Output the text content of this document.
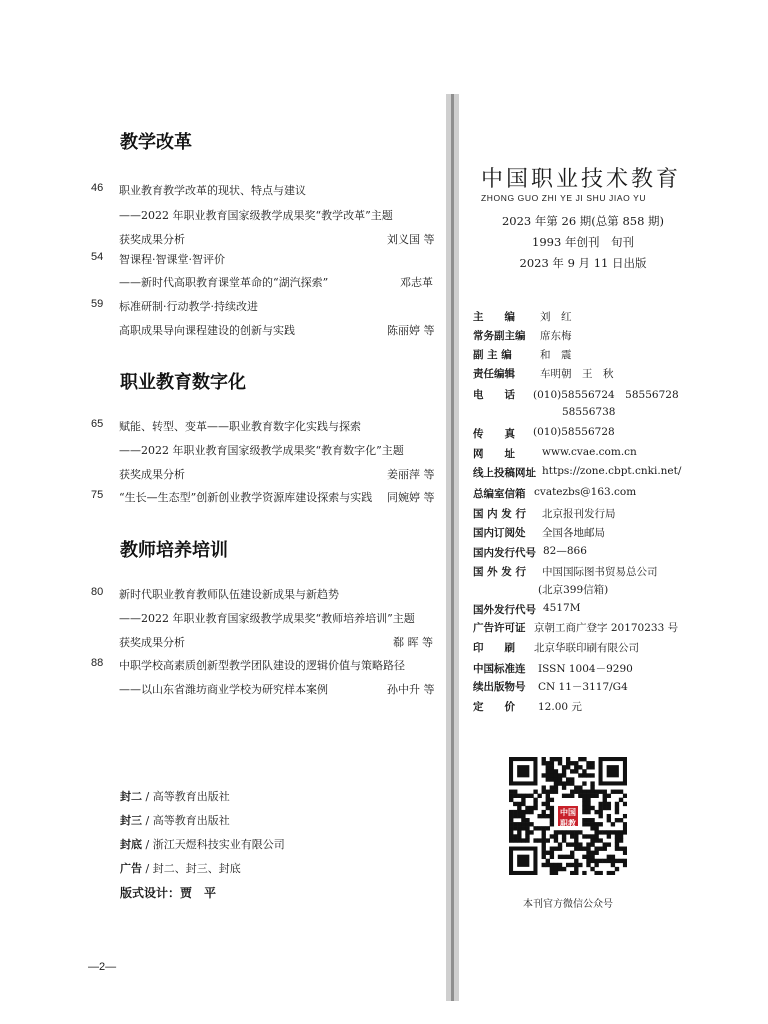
教学改革
46 职业教育教学改革的现状、特点与建议
——2022 年职业教育国家级教学成果奖“教学改革”主题
获奖成果分析	刘义国 等
54 智课程·智课堂·智评价
——新时代高职教育课堂革命的“湖汽探索”	邓志革
59 标准研制·行动教学·持续改进
高职成果导向课程建设的创新与实践	陈丽婷 等
职业教育数字化
65 赋能、转型、变革——职业教育数字化实践与探索
——2022 年职业教育国家级教学成果奖“教育数字化”主题
获奖成果分析	姜丽萍 等
75 “生长—生态型”创新创业教学资源库建设探索与实践 同婉婷 等
教师培养培训
80 新时代职业教育教师队伍建设新成果与新趋势
——2022 年职业教育国家级教学成果奖“教师培养培训”主题
获奖成果分析	郗 晖 等
88 中职学校高素质创新型教学团队建设的逻辑价值与策略路径
——以山东省潍坊商业学校为研究样本案例	孙中升 等
封二 / 高等教育出版社
封三 / 高等教育出版社
封底 / 浙江天煜科技实业有限公司
广告 / 封二、封三、封底
版式设计：贾　平
—2—
中国职业技术教育
ZHONG GUO ZHI YE JI SHU JIAO YU
2023 年第 26 期(总第 858 期)
1993 年创刊　旬刊
2023 年 9 月 11 日出版
主　　编 刘　红
常务副主编 席东梅
副 主 编	和　震
责任编辑 车明朝　王　秋
电　　话 (010)58556724　58556728
58556738
传　　真 (010)58556728
网　　址	www.cvae.com.cn
线上投稿网址 https://zone.cbpt.cnki.net/
总编室信箱 cvatezbs@163.com
国 内 发 行 北京报刊发行局
国内订阅处 全国各地邮局
国内发行代号 82—866
国 外 发 行 中国国际图书贸易总公司
(北京399信箱)
国外发行代号 4517M
广告许可证 京朝工商广登字 20170233 号
印　　刷 北京华联印刷有限公司
中国标准连 ISSN 1004－9290
续出版物号 CN 11－3117/G4
定　　价 12.00 元
中国职教
本刊官方微信公众号
